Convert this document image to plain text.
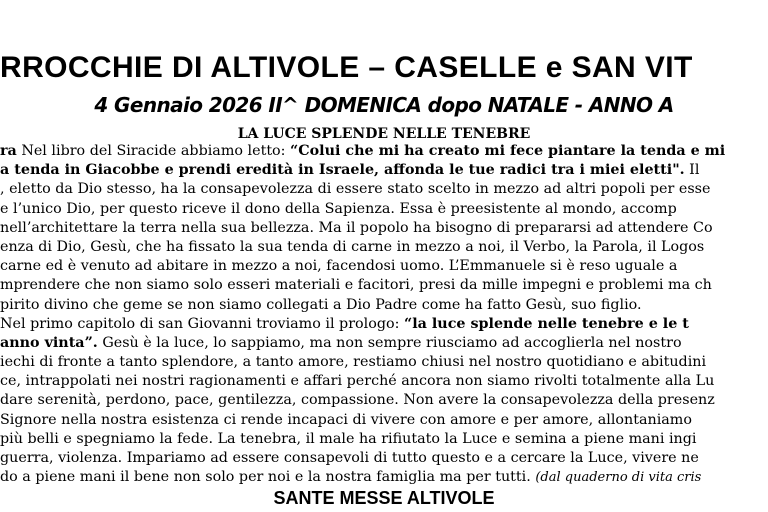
RROCCHIE DI ALTIVOLE – CASELLE e SAN VIT
4 Gennaio 2026 II^ DOMENICA dopo NATALE - ANNO A
LA LUCE SPLENDE NELLE TENEBRE
ra Nel libro del Siracide abbiamo letto: “Colui che mi ha creato mi fece piantare la tenda e mi
a tenda in Giacobbe e prendi eredità in Israele, affonda le tue radici tra i miei eletti". Il
, eletto da Dio stesso, ha la consapevolezza di essere stato scelto in mezzo ad altri popoli per esse
e l’unico Dio, per questo riceve il dono della Sapienza. Essa è preesistente al mondo, accomp
nell’architettare la terra nella sua bellezza. Ma il popolo ha bisogno di prepararsi ad attendere Co
enza di Dio, Gesù, che ha fissato la sua tenda di carne in mezzo a noi, il Verbo, la Parola, il Logos
carne ed è venuto ad abitare in mezzo a noi, facendosi uomo. L’Emmanuele si è reso uguale a
mprendere che non siamo solo esseri materiali e facitori, presi da mille impegni e problemi ma ch
pirito divino che geme se non siamo collegati a Dio Padre come ha fatto Gesù, suo figlio.
Nel primo capitolo di san Giovanni troviamo il prologo: “la luce splende nelle tenebre e le t
anno vinta”. Gesù è la luce, lo sappiamo, ma non sempre riusciamo ad accoglierla nel nostro
iechi di fronte a tanto splendore, a tanto amore, restiamo chiusi nel nostro quotidiano e abitudini
ce, intrappolati nei nostri ragionamenti e affari perché ancora non siamo rivolti totalmente alla Lu
dare serenità, perdono, pace, gentilezza, compassione. Non avere la consapevolezza della presenz
Signore nella nostra esistenza ci rende incapaci di vivere con amore e per amore, allontaniamo
più belli e spegniamo la fede. La tenebra, il male ha rifiutato la Luce e semina a piene mani ingi
guerra, violenza. Impariamo ad essere consapevoli di tutto questo e a cercare la Luce, vivere ne
do a piene mani il bene non solo per noi e la nostra famiglia ma per tutti. (dal quaderno di vita cris
SANTE MESSE ALTIVOLE
